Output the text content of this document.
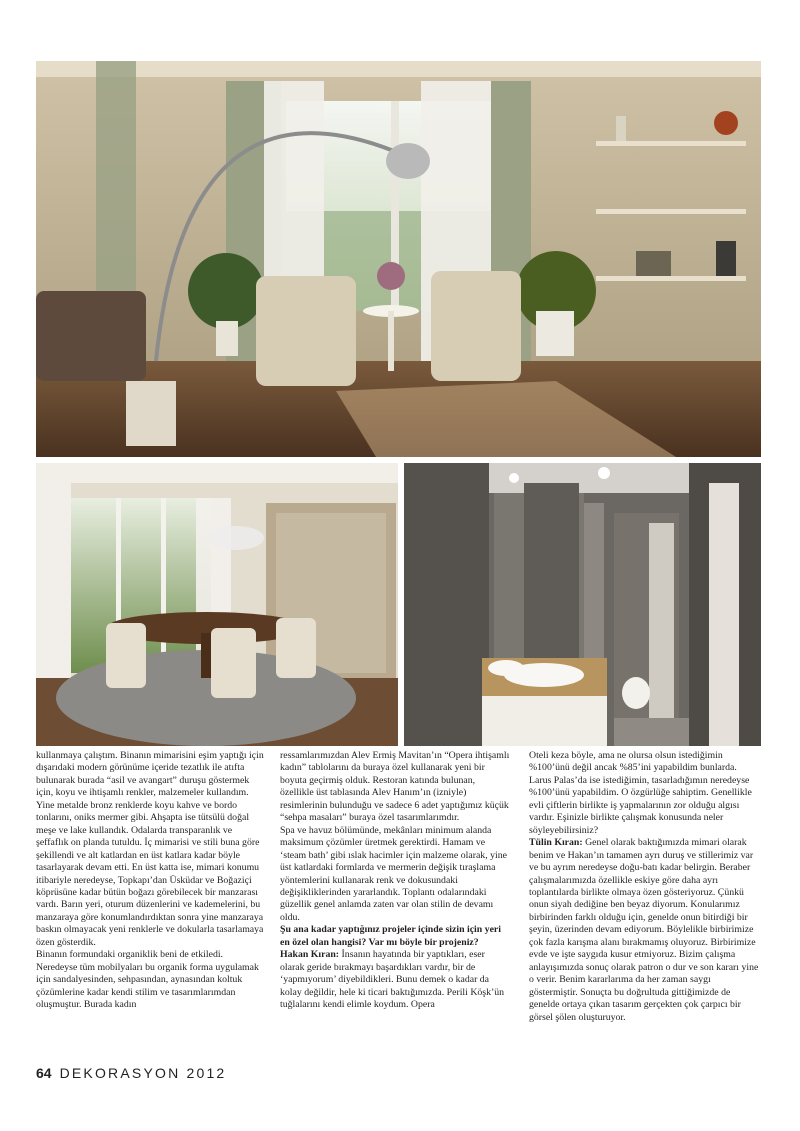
kullanmaya çalıştım. Binanın mimarisini eşim yaptığı için dışarıdaki modern görünüme içeride tezatlık ile atıfta bulunarak burada “asil ve avangart” duruşu göstermek için, koyu ve ihtişamlı renkler, malzemeler kullandım. Yine metalde bronz renklerde koyu kahve ve bordo tonlarını, oniks mermer gibi. Ahşapta ise tütsülü doğal meşe ve lake kullandık. Odalarda transparanlık ve şeffaflık on planda tutuldu. İç mimarisi ve stili buna göre şekillendi ve alt katlardan en üst katlara kadar böyle tasarlayarak devam etti. En üst katta ise, mimari konumu itibariyle neredeyse, Topkapı’dan Üsküdar ve Boğaziçi köprüsüne kadar bütün boğazı görebilecek bir manzarası vardı. Barın yeri, oturum düzenlerini ve kademelerini, bu manzaraya göre konumlandırdıktan sonra yine manzaraya baskın olmayacak yeni renklerle ve dokularla tasarlamaya özen gösterdik.

Binanın formundaki organiklik beni de etkiledi. Neredeyse tüm mobilyaları bu organik forma uygulamak için sandalyesinden, sehpasından, aynasından koltuk çözümlerine kadar kendi stilim ve tasarımlarımdan oluşmuştur. Burada kadın

ressamlarımızdan Alev Ermiş Mavitan’ın “Opera ihtişamlı kadın” tablolarını da buraya özel kullanarak yeni bir boyuta geçirmiş olduk. Restoran katında bulunan, özellikle üst tablasında Alev Hanım’ın (izniyle) resimlerinin bulunduğu ve sadece 6 adet yaptığımız küçük “sehpa masaları” buraya özel tasarımlarımdır.

Spa ve havuz bölümünde, mekânları minimum alanda maksimum çözümler üretmek gerektirdi. Hamam ve ‘steam bath’ gibi ıslak hacimler için malzeme olarak, yine üst katlardaki formlarda ve mermerin değişik tıraşlama yöntemlerini kullanarak renk ve dokusundaki değişikliklerinden yararlandık. Toplantı odalarındaki güzellik genel anlamda zaten var olan stilin de devamı oldu.

Şu ana kadar yaptığınız projeler içinde sizin için yeri en özel olan hangisi? Var mı böyle bir projeniz?

Hakan Kıran: İnsanın hayatında bir yaptıkları, eser olarak geride bırakmayı başardıkları vardır, bir de ‘yapmıyorum’ diyebildikleri. Bunu demek o kadar da kolay değildir, hele ki ticari baktığımızda. Perili Köşk’ün tuğlalarını kendi elimle koydum. Opera

Oteli keza böyle, ama ne olursa olsun istediğimin %100’ünü değil ancak %85’ini yapabildim bunlarda. Larus Palas’da ise istediğimin, tasarladığımın neredeyse %100’ünü yapabildim. O özgürlüğe sahiptim. Genellikle evli çiftlerin birlikte iş yapmalarının zor olduğu algısı vardır. Eşinizle birlikte çalışmak konusunda neler söyleyebilirsiniz?

Tülin Kıran: Genel olarak baktığımızda mimari olarak benim ve Hakan’ın tamamen ayrı duruş ve stillerimiz var ve bu ayrım neredeyse doğu-batı kadar belirgin. Beraber çalışmalarımızda özellikle eskiye göre daha ayrı toplantılarda birlikte olmaya özen gösteriyoruz. Çünkü onun siyah dediğine ben beyaz diyorum. Konularımız birbirinden farklı olduğu için, genelde onun bitirdiği bir şeyin, üzerinden devam ediyorum. Böylelikle birbirimize çok fazla karışma alanı bırakmamış oluyoruz. Birbirimize evde ve işte saygıda kusur etmiyoruz. Bizim çalışma anlayışımızda sonuç olarak patron o dur ve son kararı yine o verir. Benim kararlarıma da her zaman saygı göstermiştir. Sonuçta bu doğrultuda gittiğimizde de genelde ortaya çıkan tasarım gerçekten çok çarpıcı bir görsel şölen oluşturuyor.

64 DEKORASYON 2012
